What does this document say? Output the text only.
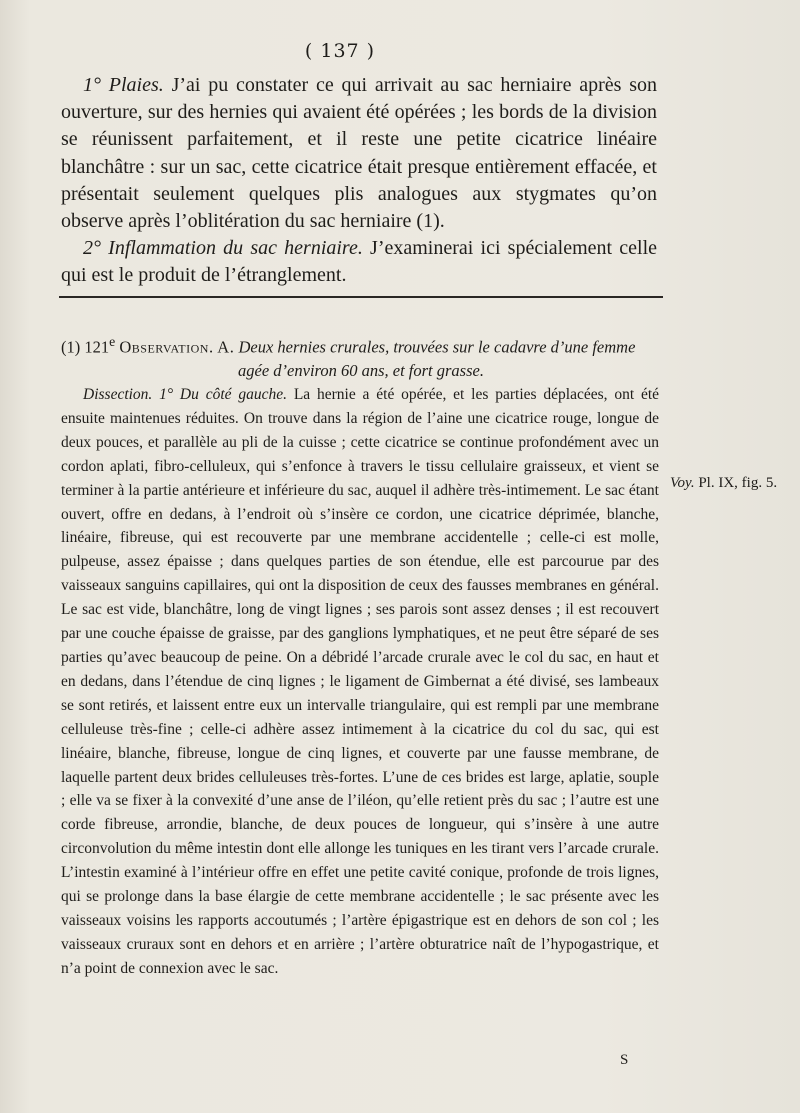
( 137 )

1° Plaies. J’ai pu constater ce qui arrivait au sac herniaire après son ouverture, sur des hernies qui avaient été opérées ; les bords de la division se réunissent parfaitement, et il reste une petite cicatrice linéaire blanchâtre : sur un sac, cette cicatrice était presque entièrement effacée, et présentait seulement quelques plis analogues aux stygmates qu’on observe après l’oblitération du sac herniaire (1).

2° Inflammation du sac herniaire. J’examinerai ici spécialement celle qui est le produit de l’étranglement.

(1) 121e Observation. A. Deux hernies crurales, trouvées sur le cadavre d’une femme
agée d’environ 60 ans, et fort grasse.

Dissection. 1° Du côté gauche. La hernie a été opérée, et les parties déplacées, ont été ensuite maintenues réduites. On trouve dans la région de l’aine une cicatrice rouge, longue de deux pouces, et parallèle au pli de la cuisse ; cette cicatrice se continue profondément avec un cordon aplati, fibro-celluleux, qui s’enfonce à travers le tissu cellulaire graisseux, et vient se terminer à la partie antérieure et inférieure du sac, auquel il adhère très-intimement. Le sac étant ouvert, offre en dedans, à l’endroit où s’insère ce cordon, une cicatrice déprimée, blanche, linéaire, fibreuse, qui est recouverte par une membrane accidentelle ; celle-ci est molle, pulpeuse, assez épaisse ; dans quelques parties de son étendue, elle est parcourue par des vaisseaux sanguins capillaires, qui ont la disposition de ceux des fausses membranes en général. Le sac est vide, blanchâtre, long de vingt lignes ; ses parois sont assez denses ; il est recouvert par une couche épaisse de graisse, par des ganglions lymphatiques, et ne peut être séparé de ses parties qu’avec beaucoup de peine. On a débridé l’arcade crurale avec le col du sac, en haut et en dedans, dans l’étendue de cinq lignes ; le ligament de Gimbernat a été divisé, ses lambeaux se sont retirés, et laissent entre eux un intervalle triangulaire, qui est rempli par une membrane celluleuse très-fine ; celle-ci adhère assez intimement à la cicatrice du col du sac, qui est linéaire, blanche, fibreuse, longue de cinq lignes, et couverte par une fausse membrane, de laquelle partent deux brides celluleuses très-fortes. L’une de ces brides est large, aplatie, souple ; elle va se fixer à la convexité d’une anse de l’iléon, qu’elle retient près du sac ; l’autre est une corde fibreuse, arrondie, blanche, de deux pouces de longueur, qui s’insère à une autre circonvolution du même intestin dont elle allonge les tuniques en les tirant vers l’arcade crurale. L’intestin examiné à l’intérieur offre en effet une petite cavité conique, profonde de trois lignes, qui se prolonge dans la base élargie de cette membrane accidentelle ; le sac présente avec les vaisseaux voisins les rapports accoutumés ; l’artère épigastrique est en dehors de son col ; les vaisseaux cruraux sont en dehors et en arrière ; l’artère obturatrice naît de l’hypogastrique, et n’a point de connexion avec le sac.

Voy. Pl. IX, fig. 5.
S
